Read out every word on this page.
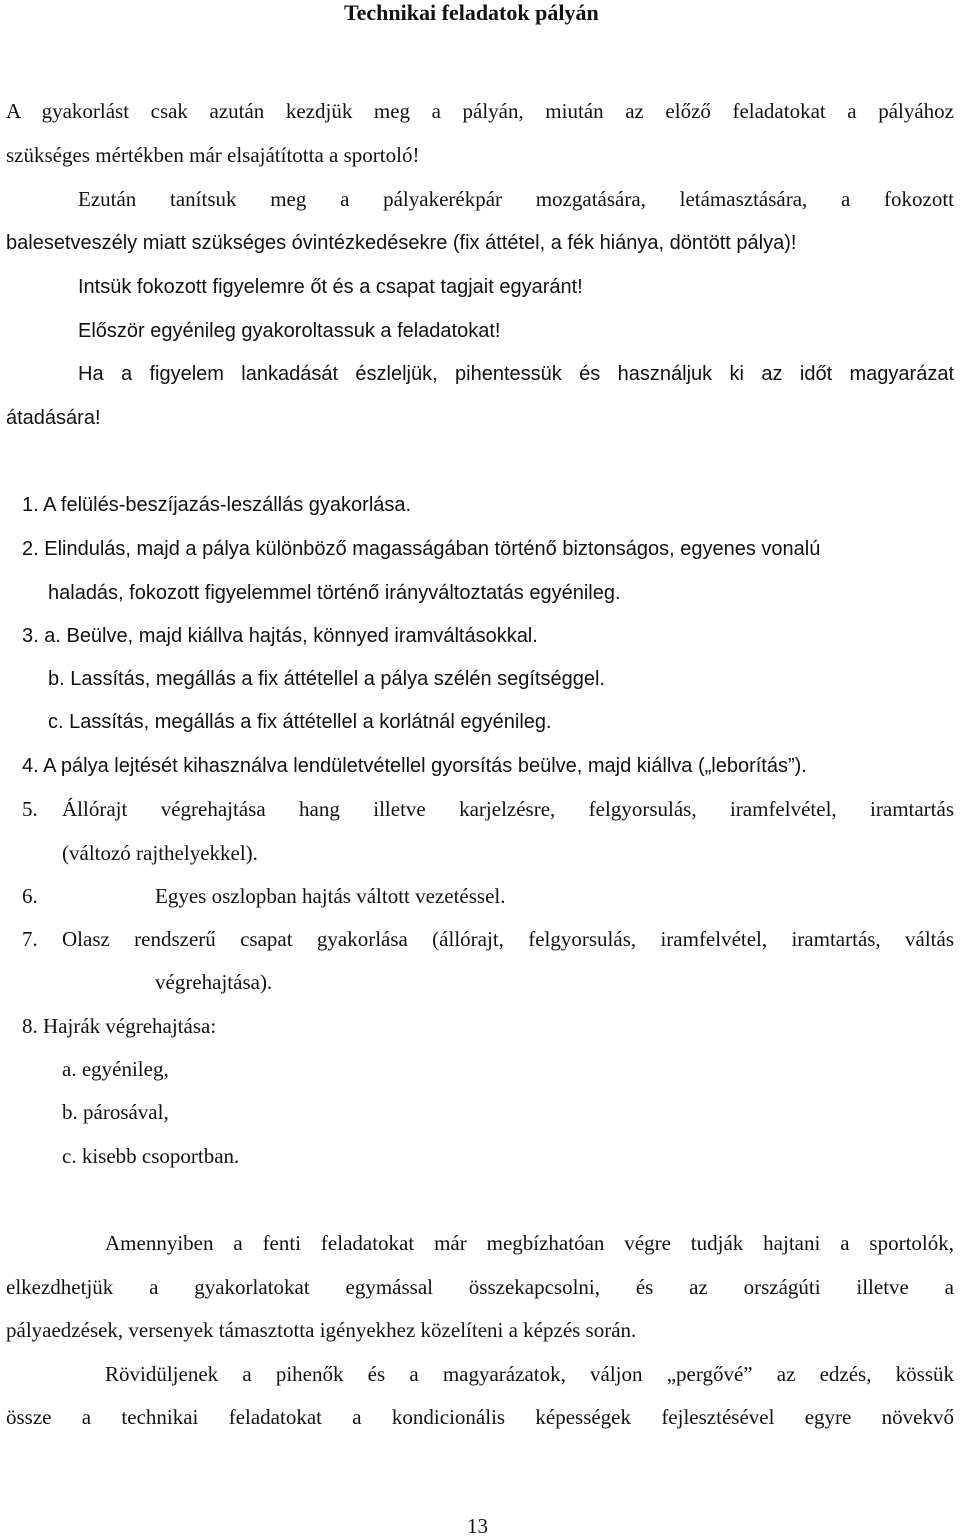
Technikai feladatok pályán
A gyakorlást csak azután kezdjük meg a pályán, miután az előző feladatokat a pályához
szükséges mértékben már elsajátította a sportoló!
Ezután tanítsuk meg a pályakerékpár mozgatására, letámasztására, a fokozott
balesetveszély miatt szükséges óvintézkedésekre (fix áttétel, a fék hiánya, döntött pálya)!
Intsük fokozott figyelemre őt és a csapat tagjait egyaránt!
Először egyénileg gyakoroltassuk a feladatokat!
Ha a figyelem lankadását észleljük, pihentessük és használjuk ki az időt magyarázat
átadására!
1. A felülés-beszíjazás-leszállás gyakorlása.
2. Elindulás, majd a pálya különböző magasságában történő biztonságos, egyenes vonalú
haladás, fokozott figyelemmel történő irányváltoztatás egyénileg.
3. a. Beülve, majd kiállva hajtás, könnyed iramváltásokkal.
b. Lassítás, megállás a fix áttétellel a pálya szélén segítséggel.
c. Lassítás, megállás a fix áttétellel a korlátnál egyénileg.
4. A pálya lejtését kihasználva lendületvétellel gyorsítás beülve, majd kiállva („leborítás”).
5. Állórajt végrehajtása hang illetve karjelzésre, felgyorsulás, iramfelvétel, iramtartás
(változó rajthelyekkel).
6.	Egyes oszlopban hajtás váltott vezetéssel.
7. Olasz rendszerű csapat gyakorlása (állórajt, felgyorsulás, iramfelvétel, iramtartás, váltás
végrehajtása).
8. Hajrák végrehajtása:
a. egyénileg,
b. párosával,
c. kisebb csoportban.
Amennyiben a fenti feladatokat már megbízhatóan végre tudják hajtani a sportolók,
elkezdhetjük a gyakorlatokat egymással összekapcsolni, és az országúti illetve a
pályaedzések, versenyek támasztotta igényekhez közelíteni a képzés során.
Rövidüljenek a pihenők és a magyarázatok, váljon „pergővé” az edzés, kössük
össze a technikai feladatokat a kondicionális képességek fejlesztésével egyre növekvő
13
